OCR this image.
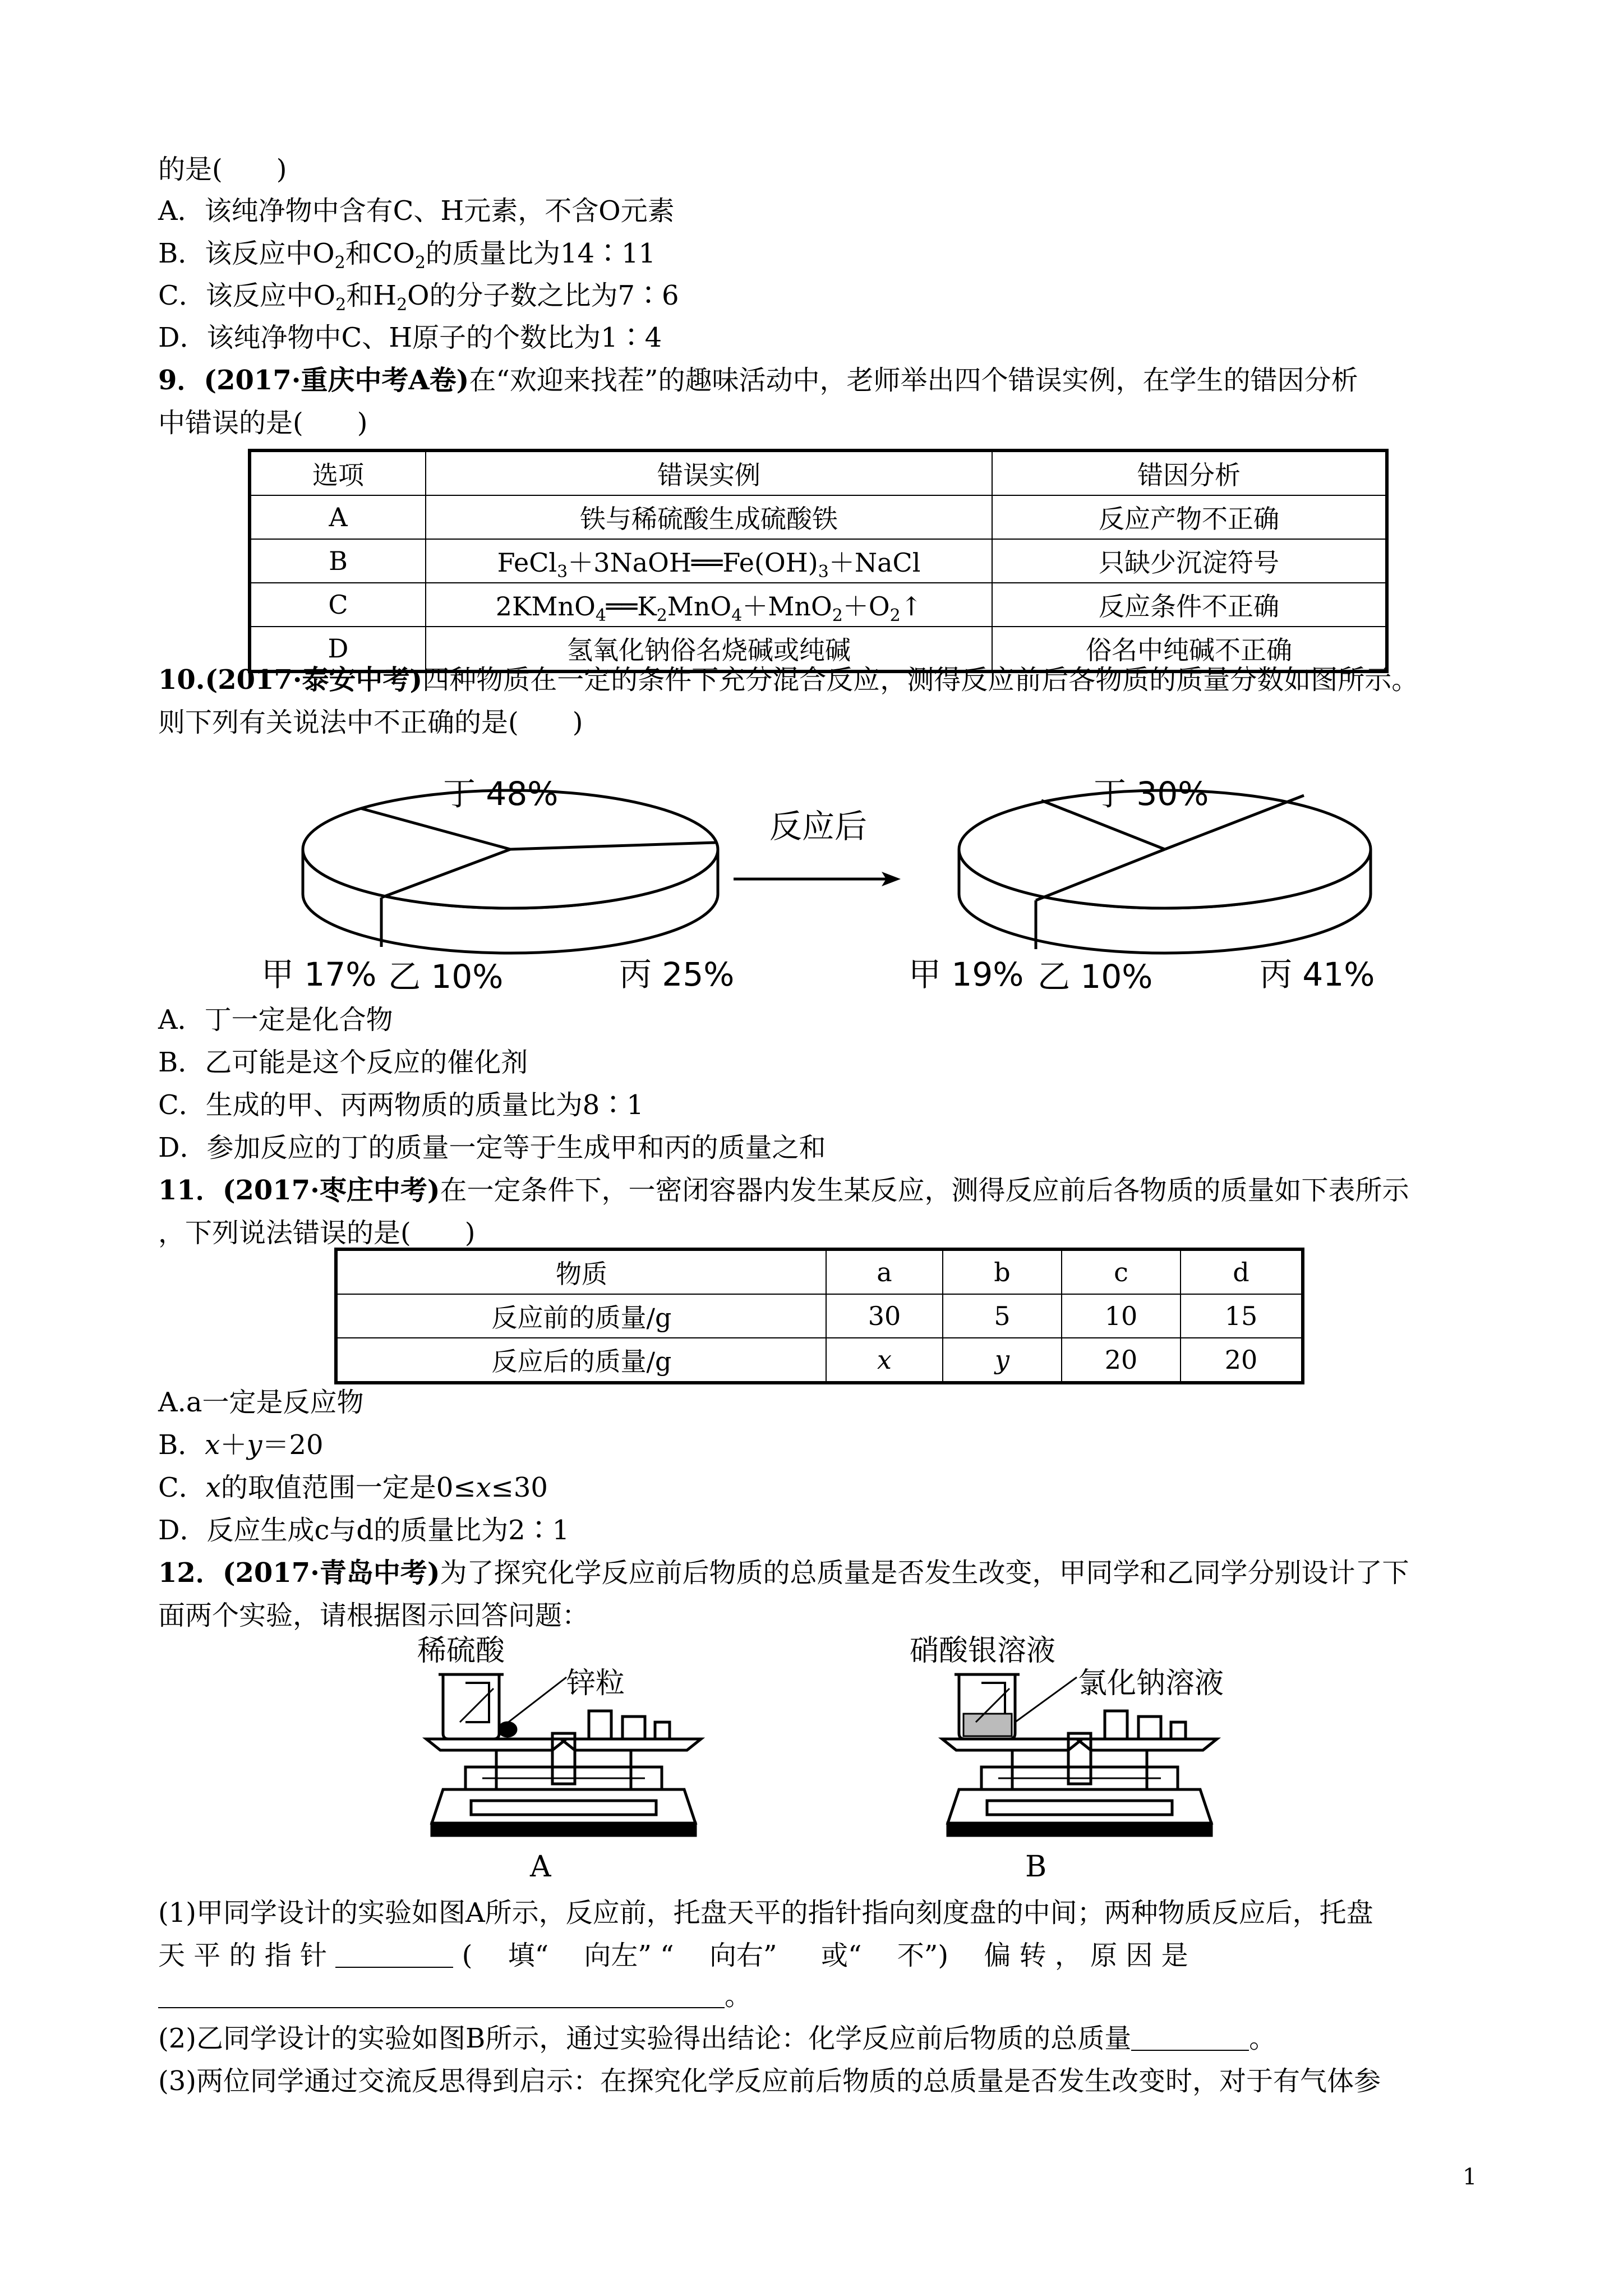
的是(　　)
A．该纯净物中含有C、H元素，不含O元素
B．该反应中$O_2$和$CO_2$的质量比为14∶11
C．该反应中$O_2$和$H_2O$的分子数之比为7∶6
D．该纯净物中C、H原子的个数比为1∶4
9．(2017·重庆中考A卷)在“欢迎来找茬”的趣味活动中，老师举出四个错误实例，在学生的错因分析
中错误的是(　　)
选项	错误实例	错因分析
A	铁与稀硫酸生成硫酸铁	反应产物不正确
B	$FeCl_3+3NaOH══Fe(OH)_3+NaCl$	只缺少沉淀符号
C	$2KMnO_4══K_2MnO_4+MnO_2+O_2↑$	反应条件不正确
D	氢氧化钠俗名烧碱或纯碱	俗名中纯碱不正确
10.(2017·泰安中考)四种物质在一定的条件下充分混合反应，测得反应前后各物质的质量分数如图所示。
则下列有关说法中不正确的是(　　)
丁 48%
甲 17% 乙 10%	丙 25%
反应后
丁 30%
甲 19% 乙 10%	丙 41%
A．丁一定是化合物
B．乙可能是这个反应的催化剂
C．生成的甲、丙两物质的质量比为8∶1
D．参加反应的丁的质量一定等于生成甲和丙的质量之和
11．(2017·枣庄中考)在一定条件下，一密闭容器内发生某反应，测得反应前后各物质的质量如下表所示
，下列说法错误的是(　　)
物质	a	b	c	d
反应前的质量/g	30	5	10	15
反应后的质量/g	x	y	20	20
A.a一定是反应物
B．x＋y＝20
C．x的取值范围一定是0≤x≤30
D．反应生成c与d的质量比为2∶1
12．(2017·青岛中考)为了探究化学反应前后物质的总质量是否发生改变，甲同学和乙同学分别设计了下
面两个实验，请根据图示回答问题：
稀硫酸
锌粒
A
硝酸银溶液
氯化钠溶液
B
(1)甲同学设计的实验如图A所示，反应前，托盘天平的指针指向刻度盘的中间；两种物质反应后，托盘
天 平 的 指 针	( 　填“ 　向左” “ 　向右” 　 或“ 　不”) 　偏 转 ， 原 因 是
。
(2)乙同学设计的实验如图B所示，通过实验得出结论：化学反应前后物质的总质量	。
(3)两位同学通过交流反思得到启示：在探究化学反应前后物质的总质量是否发生改变时，对于有气体参
1
